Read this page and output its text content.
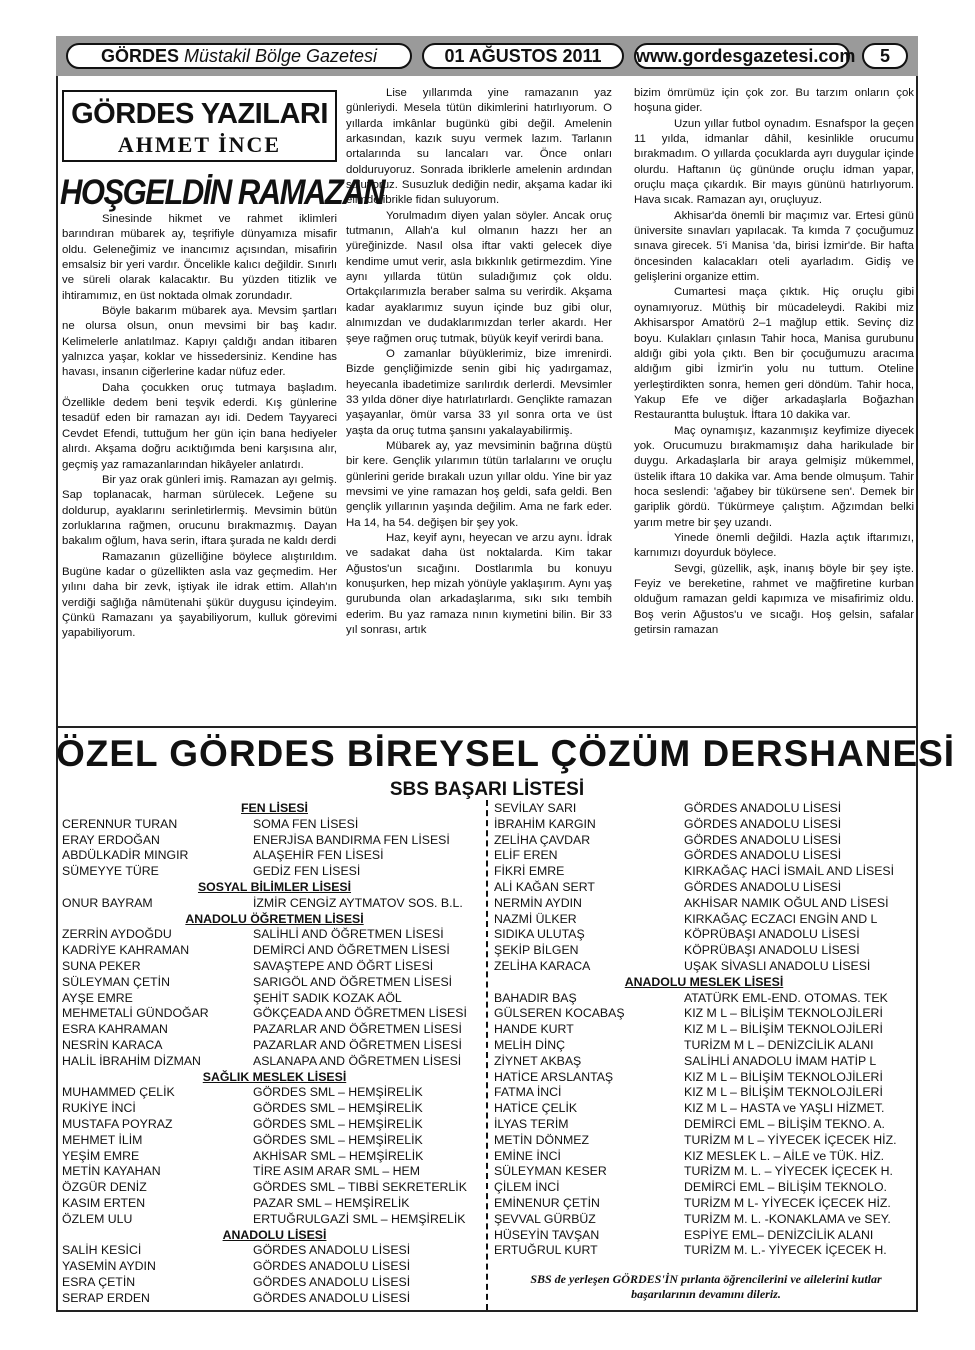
GÖRDES Müstakil Bölge Gazetesi	01 AĞUSTOS 2011	www.gordesgazetesi.com	5
GÖRDES YAZILARI
AHMET İNCE
HOŞGELDİN RAMAZAN

Sinesinde hikmet ve rahmet iklimleri barındıran mübarek ay, teşrifiyle dünyamıza misafir oldu. Geleneğimiz ve inancımız açısından, misafirin emsalsiz bir yeri vardır. Öncelikle kalıcı değildir. Sınırlı ve süreli olarak kalacaktır. Bu yüzden titizlik ve ihtiramımız, en üst noktada olmak zorundadır.

Böyle bakarım mübarek aya. Mevsim şartları ne olursa olsun, onun mevsimi bir baş kadır. Kelimelerle anlatılmaz. Kapıyı çaldığı andan itibaren yalnızca yaşar, koklar ve hissedersiniz. Kendine has havası, insanın ciğerlerine kadar nüfuz eder.

Daha çocukken oruç tutmaya başladım. Özellikle dedem beni teşvik ederdi. Kış günlerine tesadüf eden bir ramazan ayı idi. Dedem Tayyareci Cevdet Efendi, tuttuğum her gün için bana hediyeler alırdı. Akşama doğru acıktığımda beni karşısına alır, geçmiş yaz ramazanlarından hikâyeler anlatırdı.

Bir yaz orak günleri imiş. Ramazan ayı gelmiş. Sap toplanacak, harman sürülecek. Leğene su doldurup, ayaklarını serinletirlermiş. Mevsimin bütün zorluklarına rağmen, orucunu bırakmazmış. Dayan bakalım oğlum, hava serin, iftara şurada ne kaldı derdi

Ramazanın güzelliğine böylece alıştırıldım. Bugüne kadar o güzellikten asla vaz geçmedim. Her yılını daha bir zevk, iştiyak ile idrak ettim. Allah'ın verdiği sağlığa nâmütenahi şükür duygusu içindeyim. Çünkü Ramazanı ya şayabiliyorum, kulluk görevimi yapabiliyorum.

Lise yıllarımda yine ramazanın yaz günleriydi. Mesela tütün dikimlerini hatırlıyorum. O yıllarda imkânlar bugünkü gibi değil. Amelenin arkasından, kazık suyu vermek lazım. Tarlanın ortalarında su lancaları var. Önce onları dolduruyoruz. Sonrada ibriklerle amelenin ardından suluyoruz. Susuzluk dediğin nedir, akşama kadar iki elimde ibrikle fidan suluyorum.

Yorulmadım diyen yalan söyler. Ancak oruç tutmanın, Allah'a kul olmanın hazzı her an yüreğinizde. Nasıl olsa iftar vakti gelecek diye kendime umut verir, asla bıkkınlık getirmezdim. Yine aynı yıllarda tütün suladığımız çok oldu. Ortakçılarımızla beraber salma su verirdik. Akşama kadar ayaklarımız suyun içinde buz gibi olur, alnımızdan ve dudaklarımızdan terler akardı. Her şeye rağmen oruç tutmak, büyük keyif verirdi bana.

O zamanlar büyüklerimiz, bize imrenirdi. Bizde gençliğimizde senin gibi hiç yadırgamaz, heyecanla ibadetimize sarılırdık derlerdi. Mevsimler 33 yılda döner diye hatırlatırlardı. Gençlikte ramazan yaşayanlar, ömür varsa 33 yıl sonra orta ve üst yaşta da oruç tutma şansını yakalayabilirmiş.

Mübarek ay, yaz mevsiminin bağrına düştü bir kere. Gençlik yılarımın tütün tarlalarını ve oruçlu günlerini geride bırakalı uzun yıllar oldu. Yine bir yaz mevsimi ve yine ramazan hoş geldi, safa geldi. Ben gençlik yıllarının yaşında değilim. Ama ne fark eder. Ha 14, ha 54. değişen bir şey yok.

Haz, keyif aynı, heyecan ve arzu aynı. İdrak ve sadakat daha üst noktalarda. Kim takar Ağustos'un sıcağını. Dostlarımla bu konuyu konuşurken, hep mizah yönüyle yaklaşırım. Aynı yaş gurubunda olan arkadaşlarıma, sıkı sıkı tembih ederim. Bu yaz ramaza nının kıymetini bilin. Bir 33 yıl sonrası, artık

bizim ömrümüz için çok zor. Bu tarzım onların çok hoşuna gider.

Uzun yıllar futbol oynadım. Esnafspor la geçen 11 yılda, idmanlar dâhil, kesinlikle orucumu bırakmadım. O yıllarda çocuklarda ayrı duygular içinde olurdu. Haftanın üç gününde oruçlu idman yapar, oruçlu maça çıkardık. Bir mayıs gününü hatırlıyorum. Hava sıcak. Ramazan ayı, oruçluyuz.

Akhisar'da önemli bir maçımız var. Ertesi günü üniversite sınavları yapılacak. Ta kımda 7 çocuğumuz sınava girecek. 5'i Manisa 'da, birisi İzmir'de. Bir hafta öncesinden kalacakları oteli ayarladım. Gidiş ve gelişlerini organize ettim.

Cumartesi maça çıktık. Hiç oruçlu gibi oynamıyoruz. Müthiş bir mücadeleydi. Rakibi miz Akhisarspor Amatörü 2–1 mağlup ettik. Sevinç diz boyu. Kulakları çınlasın Tahir hoca, Manisa gurubunu aldığı gibi yola çıktı. Ben bir çocuğumuzu aracıma aldığım gibi İzmir'in yolu nu tuttum. Oteline yerleştirdikten sonra, hemen geri döndüm. Tahir hoca, Yakup Efe ve diğer arkadaşlarla Boğazhan Restaurantta buluştuk. İftara 10 dakika var.

Maç oynamışız, kazanmışız keyfimize diyecek yok. Orucumuzu bırakmamışız daha harikulade bir duygu. Arkadaşlarla bir araya gelmişiz mükemmel, üstelik iftara 10 dakika var. Ama bende olmuşum. Tahir hoca seslendi: 'ağabey bir tükürsene sen'. Demek bir gariplik gördü. Tükürmeye çalıştım. Ağzımdan belki yarım metre bir şey uzandı.

Yinede önemli değildi. Hazla açtık iftarımızı, karnımızı doyurduk böylece.

Sevgi, güzellik, aşk, inanış böyle bir şey işte. Feyiz ve bereketine, rahmet ve mağfiretine kurban olduğum ramazan geldi kapımıza ve misafirimiz oldu. Boş verin Ağustos'u ve sıcağı. Hoş gelsin, safalar getirsin ramazan

ÖZEL GÖRDES BİREYSEL ÇÖZÜM DERSHANESİ
SBS BAŞARI LİSTESİ
FEN LİSESİ
CERENNUR TURAN	SOMA FEN LİSESİ
ERAY ERDOĞAN	ENERJİSA BANDIRMA FEN LİSESİ
ABDÜLKADİR MINGIR	ALAŞEHİR FEN LİSESİ
SÜMEYYE TÜRE	GEDİZ FEN LİSESİ
SOSYAL BİLİMLER LİSESİ
ONUR BAYRAM	İZMİR CENGİZ AYTMATOV SOS. B.L.
ANADOLU ÖĞRETMEN LİSESİ
ZERRİN AYDOĞDU	SALİHLİ AND ÖĞRETMEN LİSESİ
KADRİYE KAHRAMAN	DEMİRCİ AND ÖĞRETMEN LİSESİ
SUNA PEKER	SAVAŞTEPE AND ÖĞRT LİSESİ
SÜLEYMAN ÇETİN	SARIGÖL AND ÖĞRETMEN LİSESİ
AYŞE EMRE	ŞEHİT SADIK KOZAK AÖL
MEHMETALİ GÜNDOĞAR	GÖKÇEADA AND ÖĞRETMEN LİSESİ
ESRA KAHRAMAN	PAZARLAR AND ÖĞRETMEN LİSESİ
NESRİN KARACA	PAZARLAR AND ÖĞRETMEN LİSESİ
HALİL İBRAHİM DİZMAN	ASLANAPA AND ÖĞRETMEN LİSESİ
SAĞLIK MESLEK LİSESİ
MUHAMMED ÇELİK	GÖRDES SML – HEMŞİRELİK
RUKİYE İNCİ	GÖRDES SML – HEMŞİRELİK
MUSTAFA POYRAZ	GÖRDES SML – HEMŞİRELİK
MEHMET İLİM	GÖRDES SML – HEMŞİRELİK
YEŞİM EMRE	AKHİSAR SML – HEMŞİRELİK
METİN KAYAHAN	TİRE ASIM ARAR SML – HEM
ÖZGÜR DENİZ	GÖRDES SML – TIBBİ SEKRETERLİK
KASIM ERTEN	PAZAR SML – HEMŞİRELİK
ÖZLEM ULU	ERTUĞRULGAZİ SML – HEMŞİRELİK
ANADOLU LİSESİ
SALİH KESİCİ	GÖRDES ANADOLU LİSESİ
YASEMİN AYDIN	GÖRDES ANADOLU LİSESİ
ESRA ÇETİN	GÖRDES ANADOLU LİSESİ
SERAP ERDEN	GÖRDES ANADOLU LİSESİ
SEVİLAY SARI	GÖRDES ANADOLU LİSESİ
İBRAHİM KARGIN	GÖRDES ANADOLU LİSESİ
ZELİHA ÇAVDAR	GÖRDES ANADOLU LİSESİ
ELİF EREN	GÖRDES ANADOLU LİSESİ
FİKRİ EMRE	KIRKAĞAÇ HACİ İSMAİL AND LİSESİ
ALİ KAĞAN SERT	GÖRDES ANADOLU LİSESİ
NERMİN AYDIN	AKHİSAR NAMIK OĞUL AND LİSESİ
NAZMİ ÜLKER	KIRKAĞAÇ ECZACI ENGİN AND L
SIDIKA ULUTAŞ	KÖPRÜBAŞI ANADOLU LİSESİ
ŞEKİP BİLGEN	KÖPRÜBAŞI ANADOLU LİSESİ
ZELİHA KARACA	UŞAK SİVASLI ANADOLU LİSESİ
ANADOLU MESLEK LİSESİ
BAHADIR BAŞ	ATATÜRK EML-END. OTOMAS. TEK
GÜLSEREN KOCABAŞ	KIZ M L – BİLİŞİM TEKNOLOJİLERİ
HANDE KURT	KIZ M L – BİLİŞİM TEKNOLOJİLERİ
MELİH DİNÇ	TURİZM M L – DENİZCİLİK ALANI
ZİYNET AKBAŞ	SALİHLİ ANADOLU İMAM HATİP L
HATİCE ARSLANTAŞ	KIZ M L – BİLİŞİM TEKNOLOJİLERİ
FATMA İNCİ	KIZ M L – BİLİŞİM TEKNOLOJİLERİ
HATİCE ÇELİK	KIZ M L – HASTA ve YAŞLI HİZMET.
İLYAS TERİM	DEMİRCİ EML – BİLİŞİM TEKNO. A.
METİN DÖNMEZ	TURİZM M L – YİYECEK İÇECEK HİZ.
EMİNE İNCİ	KIZ MESLEK L. – AİLE ve TÜK. HİZ.
SÜLEYMAN KESER	TURİZM M. L. – YİYECEK İÇECEK H.
ÇİLEM İNCİ	DEMİRCİ EML – BİLİŞİM TEKNOLO.
EMİNENUR ÇETİN	TURİZM M L- YİYECEK İÇECEK HİZ.
ŞEVVAL GÜRBÜZ	TURİZM M. L. -KONAKLAMA ve SEY.
HÜSEYİN TAVŞAN	ESPİYE EML– DENİZCİLİK ALANI
ERTUĞRUL KURT	TURİZM M. L.- YİYECEK İÇECEK H.
SBS de yerleşen GÖRDES'İN pırlanta öğrencilerini ve ailelerini kutlar başarılarının devamını dileriz.
